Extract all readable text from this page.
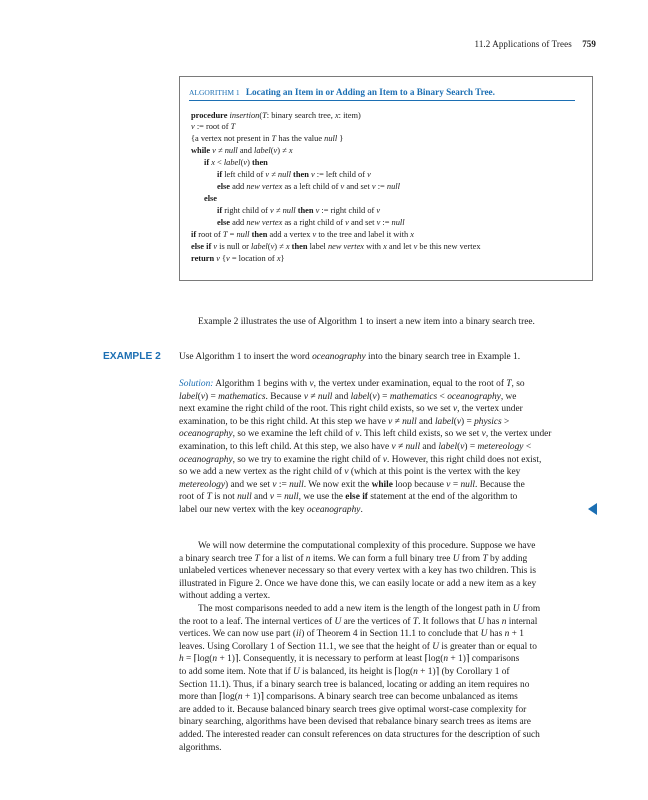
11.2 Applications of Trees 759
ALGORITHM 1 Locating an Item in or Adding an Item to a Binary Search Tree.
procedure insertion(T: binary search tree, x: item)
v := root of T
{a vertex not present in T has the value null }
while v ≠ null and label(v) ≠ x
if x < label(v) then
if left child of v ≠ null then v := left child of v
else add new vertex as a left child of v and set v := null
else
if right child of v ≠ null then v := right child of v
else add new vertex as a right child of v and set v := null
if root of T = null then add a vertex v to the tree and label it with x
else if v is null or label(v) ≠ x then label new vertex with x and let v be this new vertex
return v {v = location of x}
Example 2 illustrates the use of Algorithm 1 to insert a new item into a binary search tree.
EXAMPLE 2 Use Algorithm 1 to insert the word oceanography into the binary search tree in Example 1.
Solution: Algorithm 1 begins with v, the vertex under examination, equal to the root of T, so
label(v) = mathematics. Because v ≠ null and label(v) = mathematics < oceanography, we
next examine the right child of the root. This right child exists, so we set v, the vertex under
examination, to be this right child. At this step we have v ≠ null and label(v) = physics >
oceanography, so we examine the left child of v. This left child exists, so we set v, the vertex under
examination, to this left child. At this step, we also have v ≠ null and label(v) = metereology <
oceanography, so we try to examine the right child of v. However, this right child does not exist,
so we add a new vertex as the right child of v (which at this point is the vertex with the key
metereology) and we set v := null. We now exit the while loop because v = null. Because the
root of T is not null and v = null, we use the else if statement at the end of the algorithm to
label our new vertex with the key oceanography.
We will now determine the computational complexity of this procedure. Suppose we have
a binary search tree T for a list of n items. We can form a full binary tree U from T by adding
unlabeled vertices whenever necessary so that every vertex with a key has two children. This is
illustrated in Figure 2. Once we have done this, we can easily locate or add a new item as a key
without adding a vertex.
The most comparisons needed to add a new item is the length of the longest path in U from
the root to a leaf. The internal vertices of U are the vertices of T. It follows that U has n internal
vertices. We can now use part (ii) of Theorem 4 in Section 11.1 to conclude that U has n + 1
leaves. Using Corollary 1 of Section 11.1, we see that the height of U is greater than or equal to
h = ⌈log(n + 1)⌉. Consequently, it is necessary to perform at least ⌈log(n + 1)⌉ comparisons
to add some item. Note that if U is balanced, its height is ⌈log(n + 1)⌉ (by Corollary 1 of
Section 11.1). Thus, if a binary search tree is balanced, locating or adding an item requires no
more than ⌈log(n + 1)⌉ comparisons. A binary search tree can become unbalanced as items
are added to it. Because balanced binary search trees give optimal worst-case complexity for
binary searching, algorithms have been devised that rebalance binary search trees as items are
added. The interested reader can consult references on data structures for the description of such
algorithms.
